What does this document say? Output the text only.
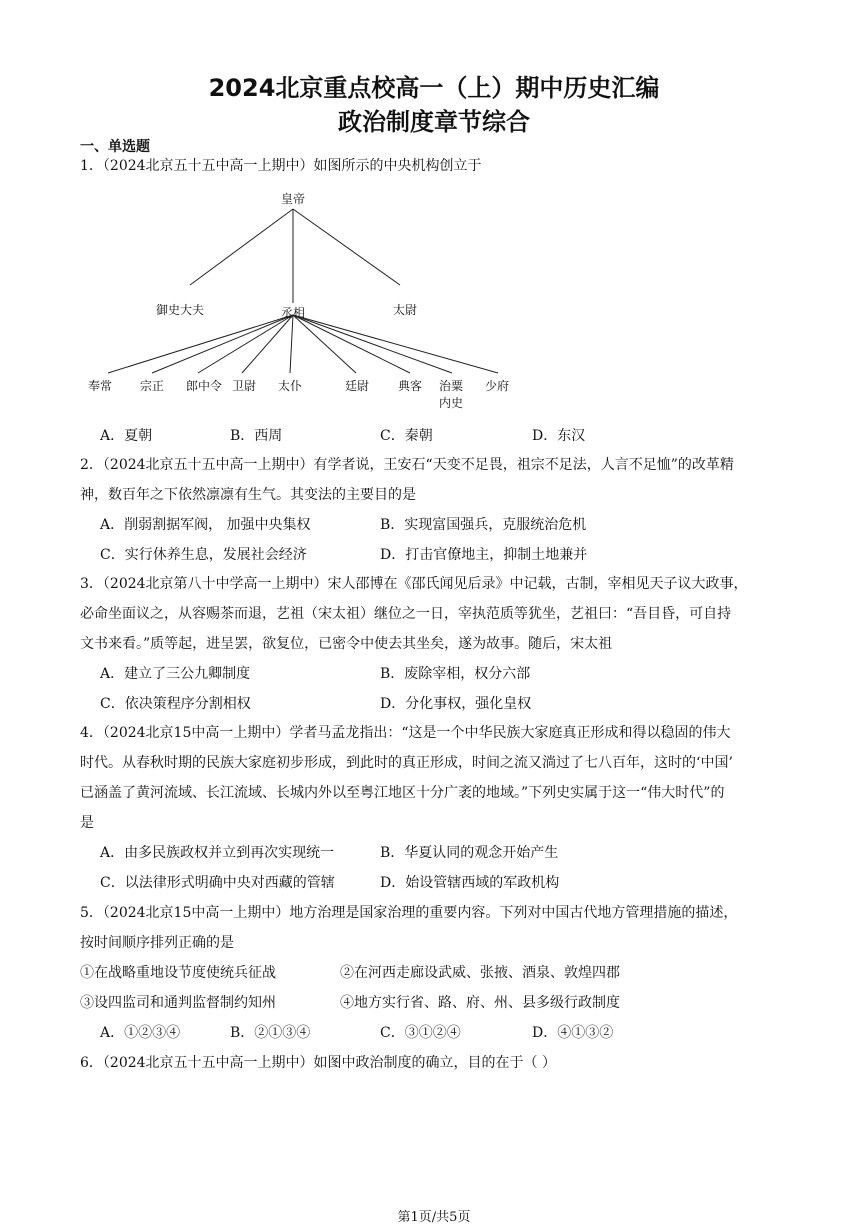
2024北京重点校高一（上）期中历史汇编
政治制度章节综合
一、单选题
1．（2024北京五十五中高一上期中）如图所示的中央机构创立于
皇帝
御史大夫	丞相	太尉
奉常 宗正 郎中令 卫尉 太仆	廷尉 典客 治粟
内史
少府
A．夏朝	B．西周	C．秦朝	D．东汉
2．（2024北京五十五中高一上期中）有学者说，王安石“天变不足畏，祖宗不足法，人言不足恤”的改革精
神，数百年之下依然凛凛有生气。其变法的主要目的是
A．削弱割据军阀， 加强中央集权	B．实现富国强兵，克服统治危机
C．实行休养生息，发展社会经济	D．打击官僚地主，抑制土地兼并
3．（2024北京第八十中学高一上期中）宋人邵博在《邵氏闻见后录》中记载，古制，宰相见天子议大政事，
必命坐面议之，从容赐茶而退，艺祖（宋太祖）继位之一日，宰执范质等犹坐，艺祖曰：“吾目昏，可自持
文书来看。”质等起，进呈罢，欲复位，已密令中使去其坐矣，遂为故事。随后，宋太祖
A．建立了三公九卿制度	B．废除宰相，权分六部
C．依决策程序分割相权	D．分化事权，强化皇权
4．（2024北京15中高一上期中）学者马孟龙指出：“这是一个中华民族大家庭真正形成和得以稳固的伟大
时代。从春秋时期的民族大家庭初步形成，到此时的真正形成，时间之流又淌过了七八百年，这时的‘中国’
已涵盖了黄河流域、长江流域、长城内外以至粤江地区十分广袤的地域。”下列史实属于这一“伟大时代”的
是
A．由多民族政权并立到再次实现统一	B．华夏认同的观念开始产生
C．以法律形式明确中央对西藏的管辖	D．始设管辖西域的军政机构
5．（2024北京15中高一上期中）地方治理是国家治理的重要内容。下列对中国古代地方管理措施的描述，
按时间顺序排列正确的是
①在战略重地设节度使统兵征战	②在河西走廊设武威、张掖、酒泉、敦煌四郡
③设四监司和通判监督制约知州	④地方实行省、路、府、州、县多级行政制度
A．①②③④	B．②①③④	C．③①②④	D．④①③②
6．（2024北京五十五中高一上期中）如图中政治制度的确立，目的在于（ ）
第1页/共5页
